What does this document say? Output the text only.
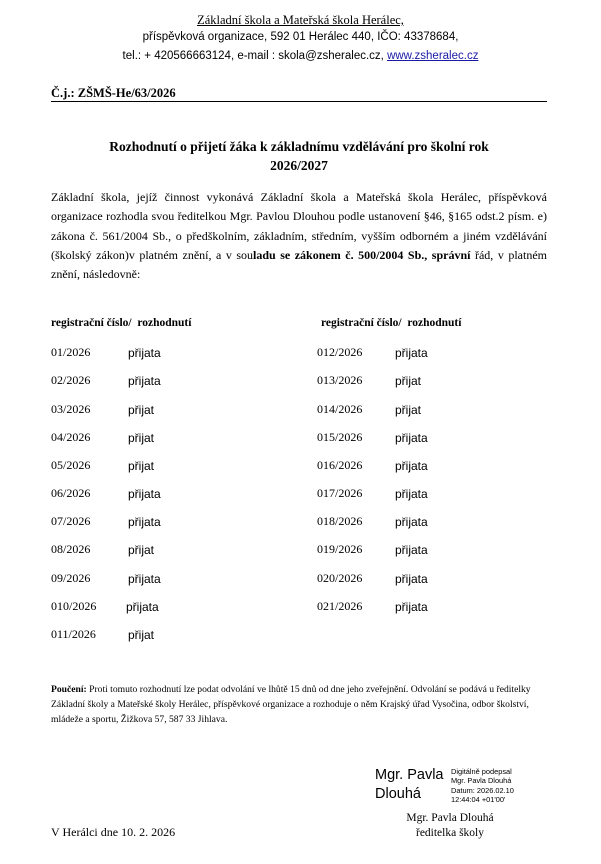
Základní škola a Mateřská škola Herálec,
příspěvková organizace, 592 01 Herálec 440, IČO: 43378684,
tel.: + 420566663124, e-mail : skola@zsheralec.cz, www.zsheralec.cz
Č.j.: ZŠMŠ-He/63/2026
Rozhodnutí o přijetí žáka k základnímu vzdělávání pro školní rok
2026/2027
Základní škola, jejíž činnost vykonává Základní škola a Mateřská škola Herálec, příspěvková organizace rozhodla svou ředitelkou Mgr. Pavlou Dlouhou podle ustanovení §46, §165 odst.2 písm. e) zákona č. 561/2004 Sb., o předškolním, základním, středním, vyšším odborném a jiném vzdělávání (školský zákon)v platném znění, a v souladu se zákonem č. 500/2004 Sb., správní řád, v platném znění, následovně:
registrační číslo/ rozhodnutí	registrační číslo/ rozhodnutí
01/2026	přijata
02/2026	přijata
03/2026	přijat
04/2026	přijat
05/2026	přijat
06/2026	přijata
07/2026	přijata
08/2026	přijat
09/2026	přijata
010/2026 přijata
011/2026	přijat
012/2026	přijata
013/2026	přijat
014/2026	přijat
015/2026	přijata
016/2026	přijata
017/2026	přijata
018/2026	přijata
019/2026	přijata
020/2026	přijata
021/2026	přijata
Poučení: Proti tomuto rozhodnutí lze podat odvolání ve lhůtě 15 dnů od dne jeho zveřejnění. Odvolání se podává u ředitelky Základní školy a Mateřské školy Herálec, příspěvkové organizace a rozhoduje o něm Krajský úřad Vysočina, odbor školství, mládeže a sportu, Žižkova 57, 587 33 Jihlava.
V Herálci dne 10. 2. 2026
Mgr. Pavla
Dlouhá
Digitálně podepsal
Mgr. Pavla Dlouhá
Datum: 2026.02.10
12:44:04 +01'00'
Mgr. Pavla Dlouhá
ředitelka školy
